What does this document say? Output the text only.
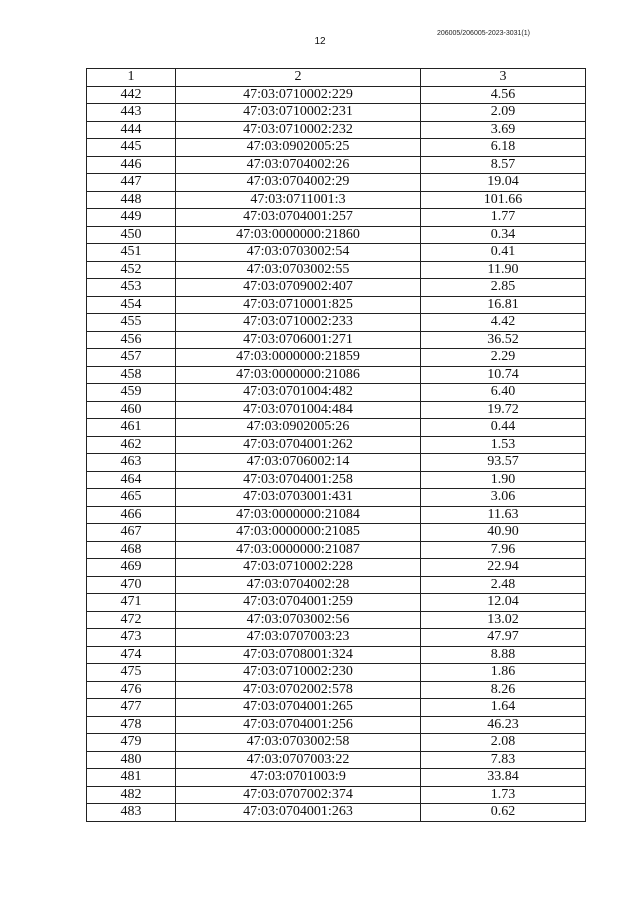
206005/206005-2023-3031(1)
12
1	2	3
442	47:03:0710002:229	4.56
443	47:03:0710002:231	2.09
444	47:03:0710002:232	3.69
445	47:03:0902005:25	6.18
446	47:03:0704002:26	8.57
447	47:03:0704002:29	19.04
448	47:03:0711001:3	101.66
449	47:03:0704001:257	1.77
450	47:03:0000000:21860	0.34
451	47:03:0703002:54	0.41
452	47:03:0703002:55	11.90
453	47:03:0709002:407	2.85
454	47:03:0710001:825	16.81
455	47:03:0710002:233	4.42
456	47:03:0706001:271	36.52
457	47:03:0000000:21859	2.29
458	47:03:0000000:21086	10.74
459	47:03:0701004:482	6.40
460	47:03:0701004:484	19.72
461	47:03:0902005:26	0.44
462	47:03:0704001:262	1.53
463	47:03:0706002:14	93.57
464	47:03:0704001:258	1.90
465	47:03:0703001:431	3.06
466	47:03:0000000:21084	11.63
467	47:03:0000000:21085	40.90
468	47:03:0000000:21087	7.96
469	47:03:0710002:228	22.94
470	47:03:0704002:28	2.48
471	47:03:0704001:259	12.04
472	47:03:0703002:56	13.02
473	47:03:0707003:23	47.97
474	47:03:0708001:324	8.88
475	47:03:0710002:230	1.86
476	47:03:0702002:578	8.26
477	47:03:0704001:265	1.64
478	47:03:0704001:256	46.23
479	47:03:0703002:58	2.08
480	47:03:0707003:22	7.83
481	47:03:0701003:9	33.84
482	47:03:0707002:374	1.73
483	47:03:0704001:263	0.62
